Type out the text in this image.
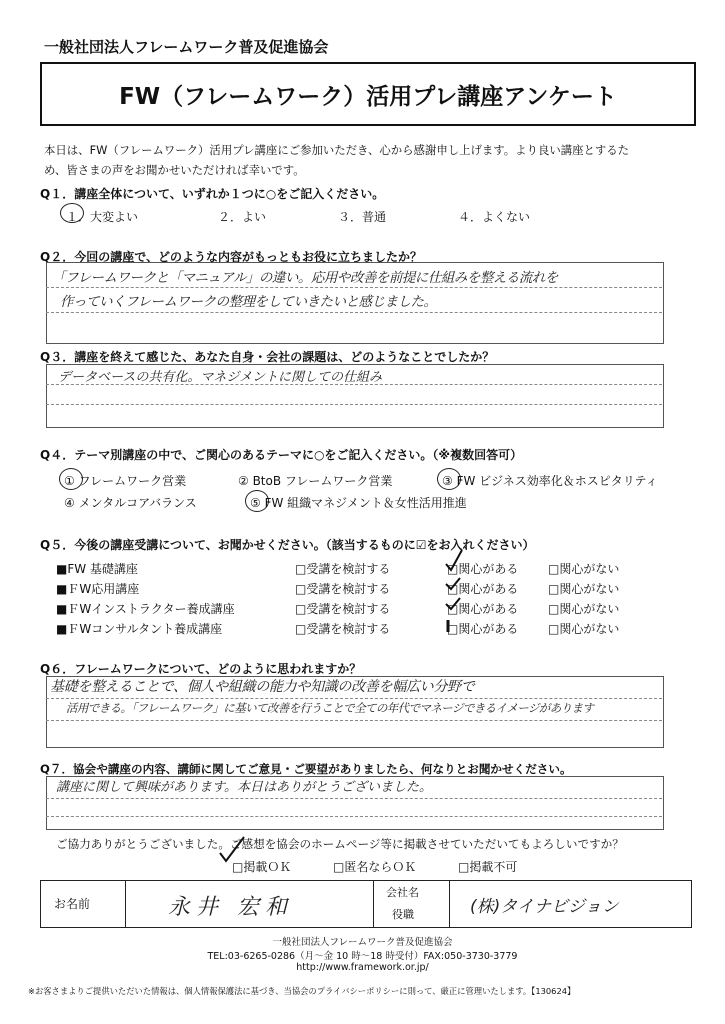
一般社団法人フレームワーク普及促進協会
FW（フレームワーク）活用プレ講座アンケート
本日は、FW（フレームワーク）活用プレ講座にご参加いただき、心から感謝申し上げます。より良い講座とするた
め、皆さまの声をお聞かせいただければ幸いです。
Q１．講座全体について、いずれか１つに○をご記入ください。
１．大変よい	２．よい	３．普通	４．よくない
Q２．今回の講座で、どのような内容がもっともお役に立ちましたか？
「フレームワークと「マニュアル」の違い。応用や改善を前提に仕組みを整える流れを
作っていくフレームワークの整理をしていきたいと感じました。
Q３．講座を終えて感じた、あなた自身・会社の課題は、どのようなことでしたか？
データベースの共有化。マネジメントに関しての仕組み
Q４．テーマ別講座の中で、ご関心のあるテーマに○をご記入ください。（※複数回答可）
① フレームワーク営業	② BtoB フレームワーク営業	③ FW ビジネス効率化＆ホスピタリティ
④ メンタルコアバランス	⑤ FW 組織マネジメント＆女性活用推進
Q５．今後の講座受講について、お聞かせください。（該当するものに☑をお入れください）
■FW 基礎講座	□受講を検討する	□関心がある □関心がない
■ＦW応用講座	□受講を検討する	□関心がある □関心がない
■ＦWインストラクター養成講座	□受講を検討する	□関心がある □関心がない
■ＦWコンサルタント養成講座	□受講を検討する	□関心がある □関心がない
Q６．フレームワークについて、どのように思われますか？
基礎を整えることで、個人や組織の能力や知識の改善を幅広い分野で
活用できる。「フレームワーク」に基いて改善を行うことで全ての年代でマネージできるイメージがあります
Q７．協会や講座の内容、講師に関してご意見・ご要望がありましたら、何なりとお聞かせください。
講座に関して興味があります。本日はありがとうございました。
ご協力ありがとうございました。ご感想を協会のホームページ等に掲載させていただいてもよろしいですか？
□掲載ＯＫ	□匿名ならＯＫ	□掲載不可
お名前	永井 宏和
会社名
役職	(株)タイナビジョン
一般社団法人フレームワーク普及促進協会
TEL:03-6265-0286（月～金 10 時～18 時受付）FAX:050-3730-3779
http://www.framework.or.jp/
※お客さまよりご提供いただいた情報は、個人情報保護法に基づき、当協会のプライバシーポリシーに則って、厳正に管理いたします。【130624】
